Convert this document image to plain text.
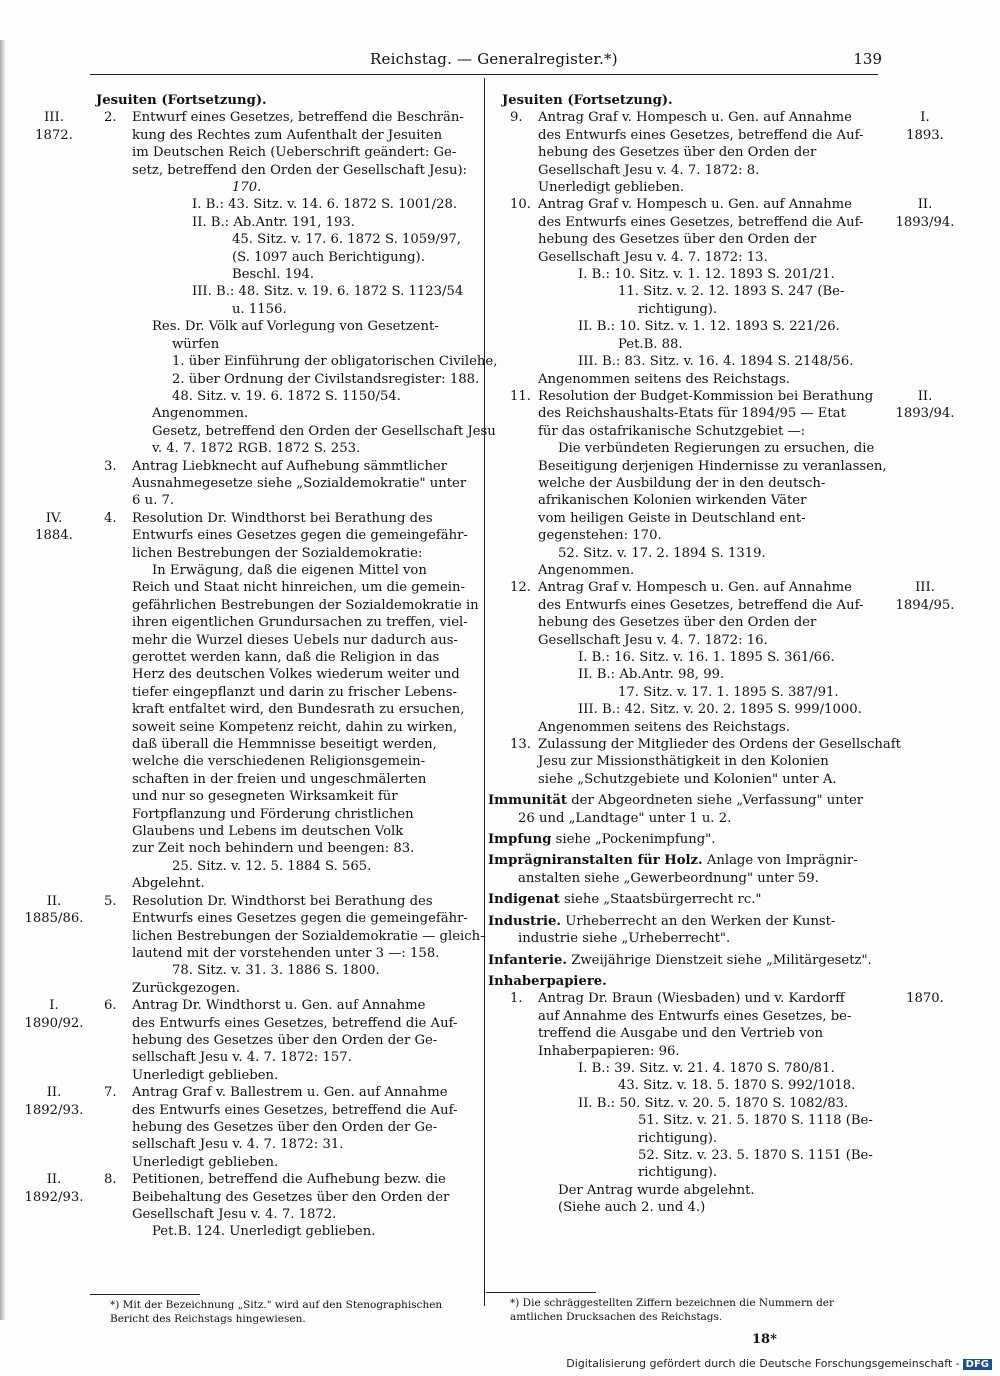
Reichstag. — Generalregister.*)	139
Jesuiten (Fortsetzung).
III.
1872.
2. Entwurf eines Gesetzes, betreffend die Beschrän-
kung des Rechtes zum Aufenthalt der Jesuiten
im Deutschen Reich (Ueberschrift geändert: Ge-
setz, betreffend den Orden der Gesellschaft Jesu):
170.
I. B.: 43. Sitz. v. 14. 6. 1872 S. 1001/28.
II. B.: Ab.Antr. 191, 193.
45. Sitz. v. 17. 6. 1872 S. 1059/97,
(S. 1097 auch Berichtigung).
Beschl. 194.
III. B.: 48. Sitz. v. 19. 6. 1872 S. 1123/54
u. 1156.
Res. Dr. Völk auf Vorlegung von Gesetzent-
würfen
1. über Einführung der obligatorischen Civilehe,
2. über Ordnung der Civilstandsregister: 188.
48. Sitz. v. 19. 6. 1872 S. 1150/54.
Angenommen.
Gesetz, betreffend den Orden der Gesellschaft Jesu
v. 4. 7. 1872 RGB. 1872 S. 253.
3. Antrag Liebknecht auf Aufhebung sämmtlicher
Ausnahmegesetze siehe „Sozialdemokratie" unter
6 u. 7.
IV.
1884.
4. Resolution Dr. Windthorst bei Berathung des
Entwurfs eines Gesetzes gegen die gemeingefähr-
lichen Bestrebungen der Sozialdemokratie:
In Erwägung, daß die eigenen Mittel von
Reich und Staat nicht hinreichen, um die gemein-
gefährlichen Bestrebungen der Sozialdemokratie in
ihren eigentlichen Grundursachen zu treffen, viel-
mehr die Wurzel dieses Uebels nur dadurch aus-
gerottet werden kann, daß die Religion in das
Herz des deutschen Volkes wiederum weiter und
tiefer eingepflanzt und darin zu frischer Lebens-
kraft entfaltet wird, den Bundesrath zu ersuchen,
soweit seine Kompetenz reicht, dahin zu wirken,
daß überall die Hemmnisse beseitigt werden,
welche die verschiedenen Religionsgemein-
schaften in der freien und ungeschmälerten
und nur so gesegneten Wirksamkeit für
Fortpflanzung und Förderung christlichen
Glaubens und Lebens im deutschen Volk
zur Zeit noch behindern und beengen: 83.
25. Sitz. v. 12. 5. 1884 S. 565.
Abgelehnt.
II.
1885/86.
5. Resolution Dr. Windthorst bei Berathung des
Entwurfs eines Gesetzes gegen die gemeingefähr-
lichen Bestrebungen der Sozialdemokratie — gleich-
lautend mit der vorstehenden unter 3 —: 158.
78. Sitz. v. 31. 3. 1886 S. 1800.
Zurückgezogen.
I.
1890/92.
6. Antrag Dr. Windthorst u. Gen. auf Annahme
des Entwurfs eines Gesetzes, betreffend die Auf-
hebung des Gesetzes über den Orden der Ge-
sellschaft Jesu v. 4. 7. 1872: 157.
Unerledigt geblieben.
II.
1892/93.
7. Antrag Graf v. Ballestrem u. Gen. auf Annahme
des Entwurfs eines Gesetzes, betreffend die Auf-
hebung des Gesetzes über den Orden der Ge-
sellschaft Jesu v. 4. 7. 1872: 31.
Unerledigt geblieben.
II.
1892/93.
8. Petitionen, betreffend die Aufhebung bezw. die
Beibehaltung des Gesetzes über den Orden der
Gesellschaft Jesu v. 4. 7. 1872.
Pet.B. 124. Unerledigt geblieben.
Jesuiten (Fortsetzung).
I.
1893.
9. Antrag Graf v. Hompesch u. Gen. auf Annahme
des Entwurfs eines Gesetzes, betreffend die Auf-
hebung des Gesetzes über den Orden der
Gesellschaft Jesu v. 4. 7. 1872: 8.
Unerledigt geblieben.
II.
1893/94.
10. Antrag Graf v. Hompesch u. Gen. auf Annahme
des Entwurfs eines Gesetzes, betreffend die Auf-
hebung des Gesetzes über den Orden der
Gesellschaft Jesu v. 4. 7. 1872: 13.
I. B.: 10. Sitz. v. 1. 12. 1893 S. 201/21.
11. Sitz. v. 2. 12. 1893 S. 247 (Be-
richtigung).
II. B.: 10. Sitz. v. 1. 12. 1893 S. 221/26.
Pet.B. 88.
III. B.: 83. Sitz. v. 16. 4. 1894 S. 2148/56.
Angenommen seitens des Reichstags.
II.
1893/94.
11. Resolution der Budget-Kommission bei Berathung
des Reichshaushalts-Etats für 1894/95 — Etat
für das ostafrikanische Schutzgebiet —:
Die verbündeten Regierungen zu ersuchen, die
Beseitigung derjenigen Hindernisse zu veranlassen,
welche der Ausbildung der in den deutsch-
afrikanischen Kolonien wirkenden Väter
vom heiligen Geiste in Deutschland ent-
gegenstehen: 170.
52. Sitz. v. 17. 2. 1894 S. 1319.
Angenommen.
III.
1894/95.
12. Antrag Graf v. Hompesch u. Gen. auf Annahme
des Entwurfs eines Gesetzes, betreffend die Auf-
hebung des Gesetzes über den Orden der
Gesellschaft Jesu v. 4. 7. 1872: 16.
I. B.: 16. Sitz. v. 16. 1. 1895 S. 361/66.
II. B.: Ab.Antr. 98, 99.
17. Sitz. v. 17. 1. 1895 S. 387/91.
III. B.: 42. Sitz. v. 20. 2. 1895 S. 999/1000.
Angenommen seitens des Reichstags.
13. Zulassung der Mitglieder des Ordens der Gesellschaft
Jesu zur Missionsthätigkeit in den Kolonien
siehe „Schutzgebiete und Kolonien" unter A.
Immunität der Abgeordneten siehe „Verfassung" unter
26 und „Landtage" unter 1 u. 2.
Impfung siehe „Pockenimpfung".
Imprägniranstalten für Holz. Anlage von Imprägnir-
anstalten siehe „Gewerbeordnung" unter 59.
Indigenat siehe „Staatsbürgerrecht rc."
Industrie. Urheberrecht an den Werken der Kunst-
industrie siehe „Urheberrecht".
Infanterie. Zweijährige Dienstzeit siehe „Militärgesetz".
Inhaberpapiere.
1870.
1. Antrag Dr. Braun (Wiesbaden) und v. Kardorff
auf Annahme des Entwurfs eines Gesetzes, be-
treffend die Ausgabe und den Vertrieb von
Inhaberpapieren: 96.
I. B.: 39. Sitz. v. 21. 4. 1870 S. 780/81.
43. Sitz. v. 18. 5. 1870 S. 992/1018.
II. B.: 50. Sitz. v. 20. 5. 1870 S. 1082/83.
51. Sitz. v. 21. 5. 1870 S. 1118 (Be-
richtigung).
52. Sitz. v. 23. 5. 1870 S. 1151 (Be-
richtigung).
Der Antrag wurde abgelehnt.
(Siehe auch 2. und 4.)
*) Mit der Bezeichnung „Sitz." wird auf den Stenographischen
Bericht des Reichstags hingewiesen.
*) Die schräggestellten Ziffern bezeichnen die Nummern der
amtlichen Drucksachen des Reichstags.
18*
Digitalisierung gefördert durch die Deutsche Forschungsgemeinschaft - DFG
